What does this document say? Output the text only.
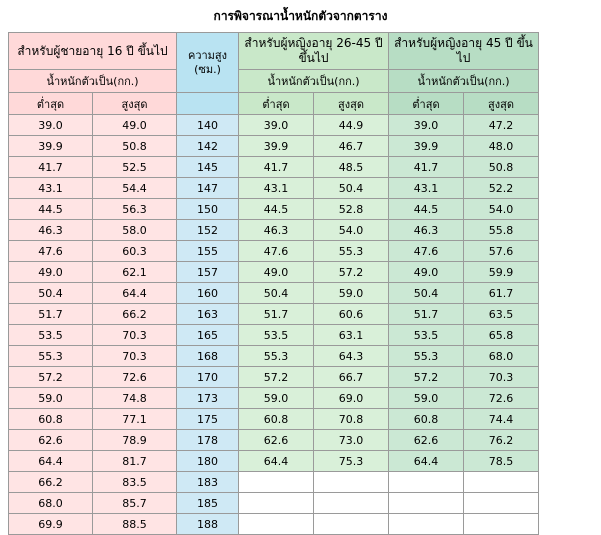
การพิจารณาน้ำหนักตัวจากตาราง
สำหรับผู้ชายอายุ 16 ปี ขึ้นไป		ความสูง (ซม.)	สำหรับผู้หญิงอายุ 26-45 ปี ขึ้นไป		สำหรับผู้หญิงอายุ 45 ปี ขึ้นไป	
น้ำหนักตัวเป็น(กก.)			น้ำหนักตัวเป็น(กก.)		น้ำหนักตัวเป็น(กก.)	
ต่ำสุด	สูงสุด		ต่ำสุด	สูงสุด	ต่ำสุด	สูงสุด
39.0	49.0	140	39.0	44.9	39.0	47.2
39.9	50.8	142	39.9	46.7	39.9	48.0
41.7	52.5	145	41.7	48.5	41.7	50.8
43.1	54.4	147	43.1	50.4	43.1	52.2
44.5	56.3	150	44.5	52.8	44.5	54.0
46.3	58.0	152	46.3	54.0	46.3	55.8
47.6	60.3	155	47.6	55.3	47.6	57.6
49.0	62.1	157	49.0	57.2	49.0	59.9
50.4	64.4	160	50.4	59.0	50.4	61.7
51.7	66.2	163	51.7	60.6	51.7	63.5
53.5	70.3	165	53.5	63.1	53.5	65.8
55.3	70.3	168	55.3	64.3	55.3	68.0
57.2	72.6	170	57.2	66.7	57.2	70.3
59.0	74.8	173	59.0	69.0	59.0	72.6
60.8	77.1	175	60.8	70.8	60.8	74.4
62.6	78.9	178	62.6	73.0	62.6	76.2
64.4	81.7	180	64.4	75.3	64.4	78.5
66.2	83.5	183				
68.0	85.7	185				
69.9	88.5	188				
